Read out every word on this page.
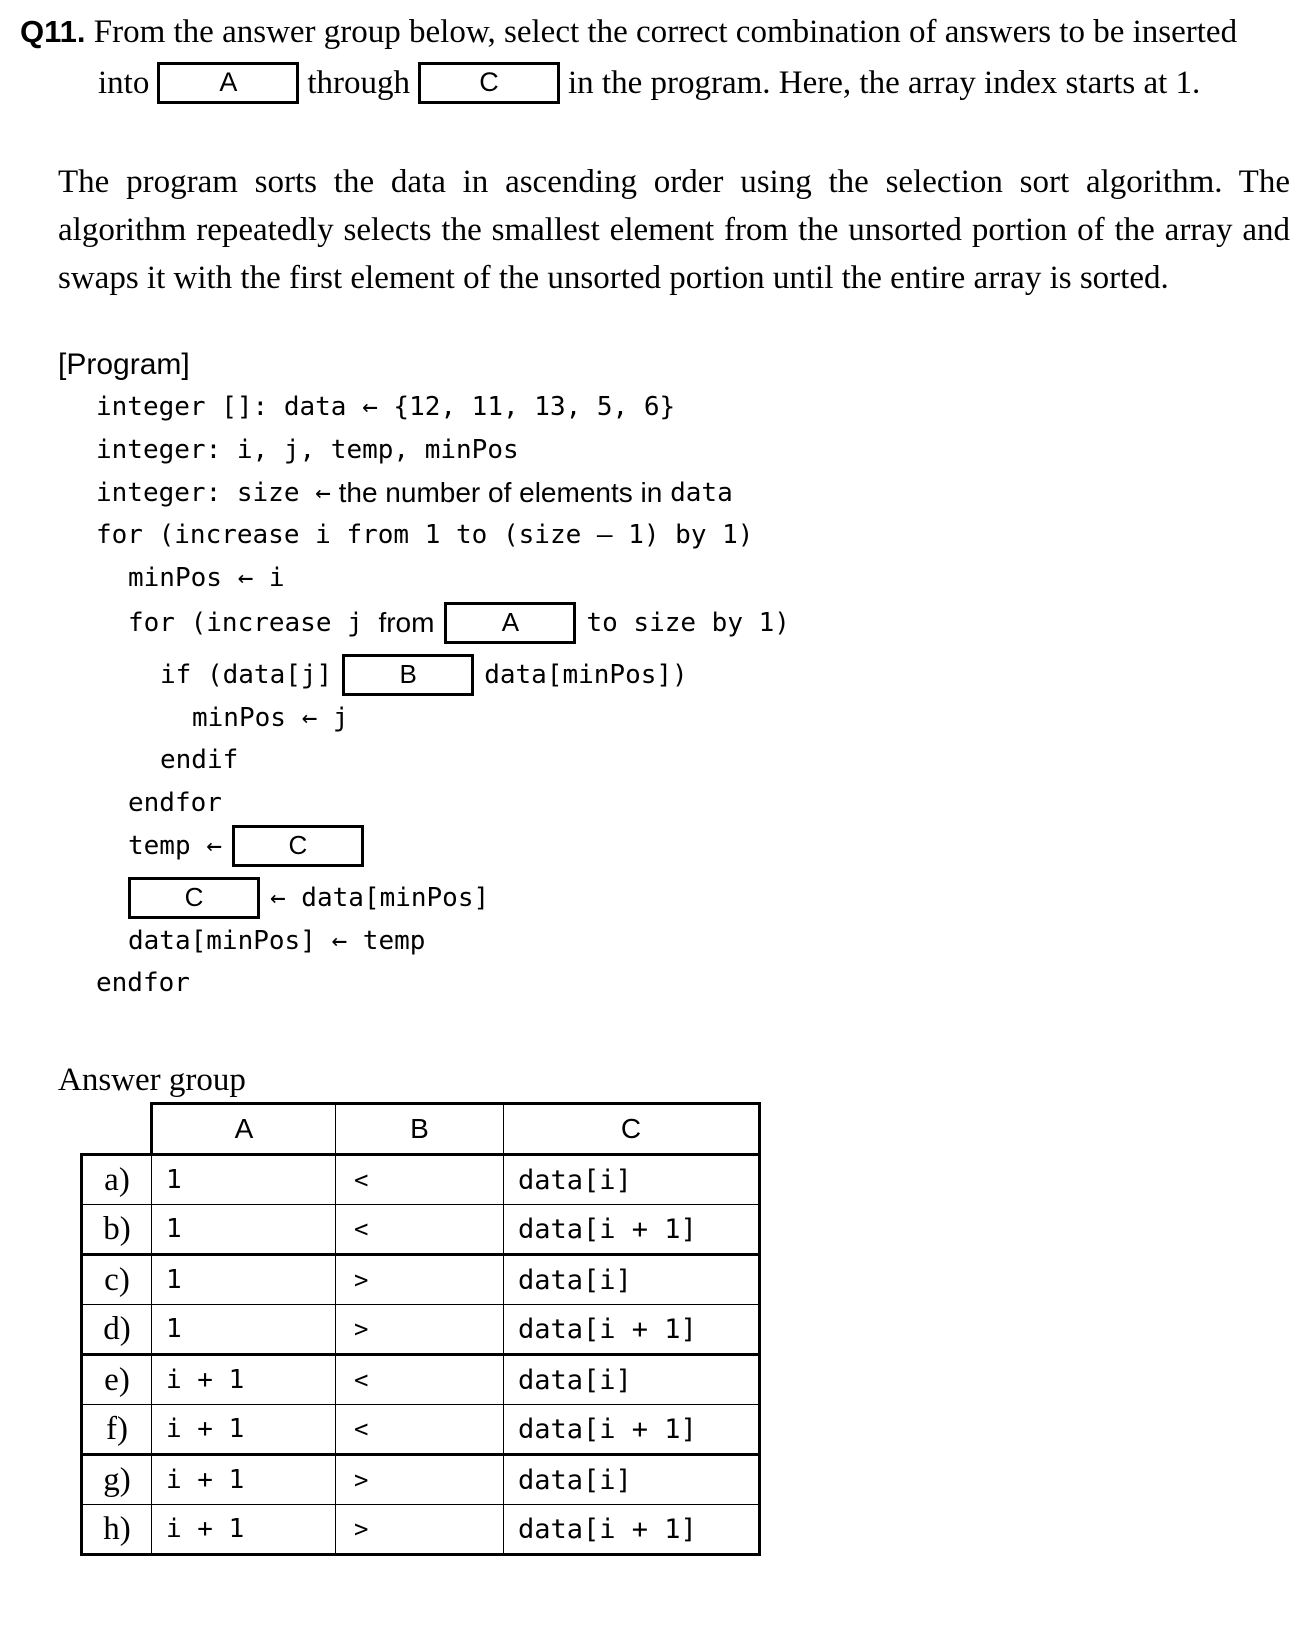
Q11. From the answer group below, select the correct combination of answers to be inserted
into	A	through	C	in the program. Here, the array index starts at 1.
The program sorts the data in ascending order using the selection sort algorithm. The algorithm repeatedly selects the smallest element from the unsorted portion of the array and swaps it with the first element of the unsorted portion until the entire array is sorted.
[Program]
integer []: data ← {12, 11, 13, 5, 6}
integer: i, j, temp, minPos
integer: size ← the number of elements in data
for (increase i from 1 to (size – 1) by 1)
minPos ← i
for (increase j from	A	to size by 1)
if (data[j]	B	data[minPos])
minPos ← j
endif
endfor
temp ←	C
C	← data[minPos]
data[minPos] ← temp
endfor
Answer group
	A	B	C
a)	1	<	data[i]
b)	1	<	data[i + 1]
c)	1	>	data[i]
d)	1	>	data[i + 1]
e)	i + 1	<	data[i]
f)	i + 1	<	data[i + 1]
g)	i + 1	>	data[i]
h)	i + 1	>	data[i + 1]
